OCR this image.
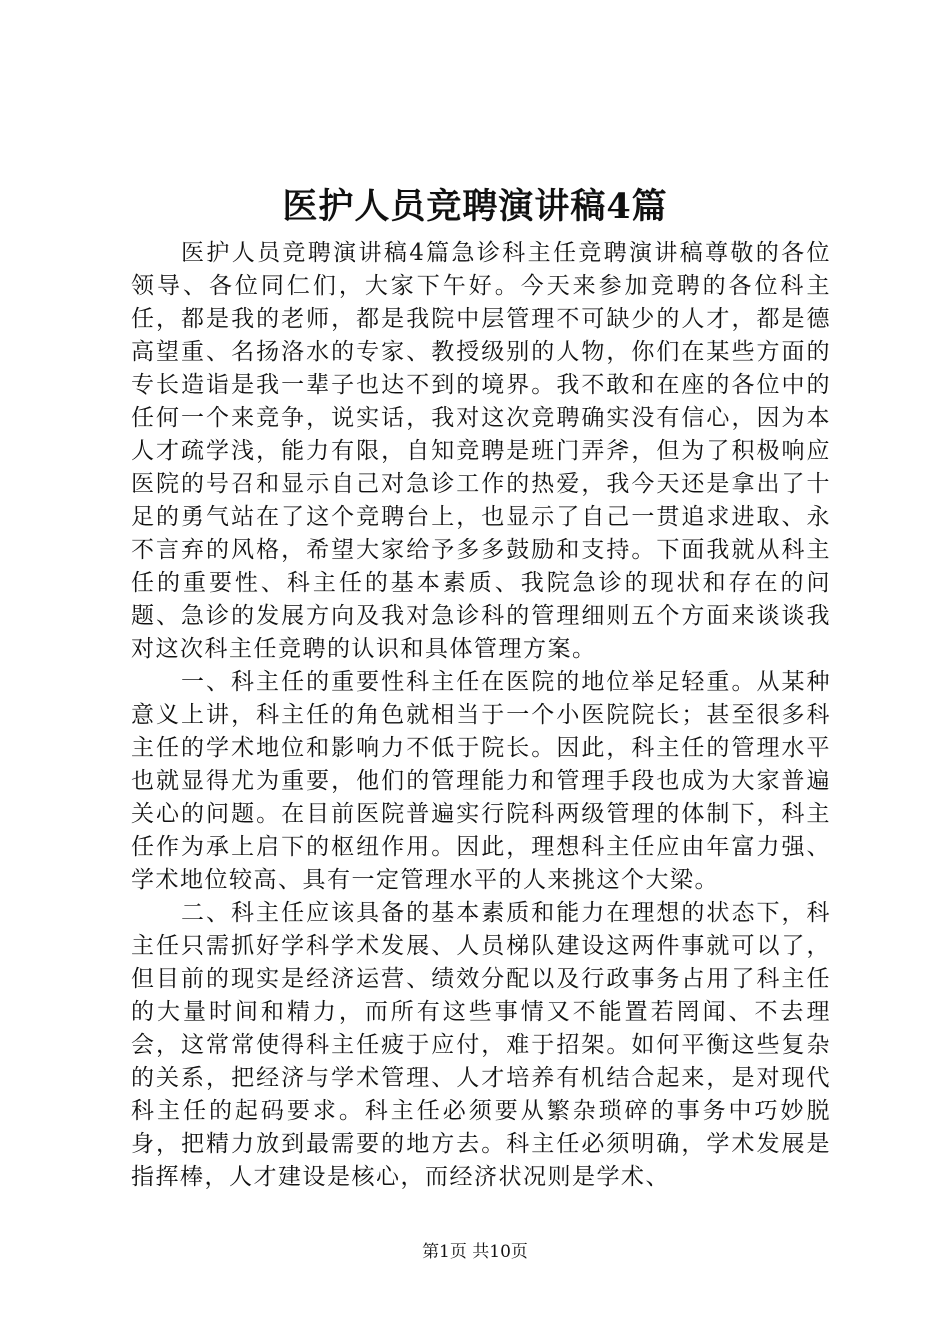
医护人员竞聘演讲稿4篇

医护人员竞聘演讲稿4篇急诊科主任竞聘演讲稿尊敬的各位领导、各位同仁们，大家下午好。今天来参加竞聘的各位科主任，都是我的老师，都是我院中层管理不可缺少的人才，都是德高望重、名扬洛水的专家、教授级别的人物，你们在某些方面的专长造诣是我一辈子也达不到的境界。我不敢和在座的各位中的任何一个来竞争，说实话，我对这次竞聘确实没有信心，因为本人才疏学浅，能力有限，自知竞聘是班门弄斧，但为了积极响应医院的号召和显示自己对急诊工作的热爱，我今天还是拿出了十足的勇气站在了这个竞聘台上，也显示了自己一贯追求进取、永不言弃的风格，希望大家给予多多鼓励和支持。下面我就从科主任的重要性、科主任的基本素质、我院急诊的现状和存在的问题、急诊的发展方向及我对急诊科的管理细则五个方面来谈谈我对这次科主任竞聘的认识和具体管理方案。

一、科主任的重要性科主任在医院的地位举足轻重。从某种意义上讲，科主任的角色就相当于一个小医院院长；甚至很多科主任的学术地位和影响力不低于院长。因此，科主任的管理水平也就显得尤为重要，他们的管理能力和管理手段也成为大家普遍关心的问题。在目前医院普遍实行院科两级管理的体制下，科主任作为承上启下的枢纽作用。因此，理想科主任应由年富力强、学术地位较高、具有一定管理水平的人来挑这个大梁。

二、科主任应该具备的基本素质和能力在理想的状态下，科主任只需抓好学科学术发展、人员梯队建设这两件事就可以了，但目前的现实是经济运营、绩效分配以及行政事务占用了科主任的大量时间和精力，而所有这些事情又不能置若罔闻、不去理会，这常常使得科主任疲于应付，难于招架。如何平衡这些复杂的关系，把经济与学术管理、人才培养有机结合起来，是对现代科主任的起码要求。科主任必须要从繁杂琐碎的事务中巧妙脱身，把精力放到最需要的地方去。科主任必须明确，学术发展是指挥棒，人才建设是核心，而经济状况则是学术、

第1页 共10页
